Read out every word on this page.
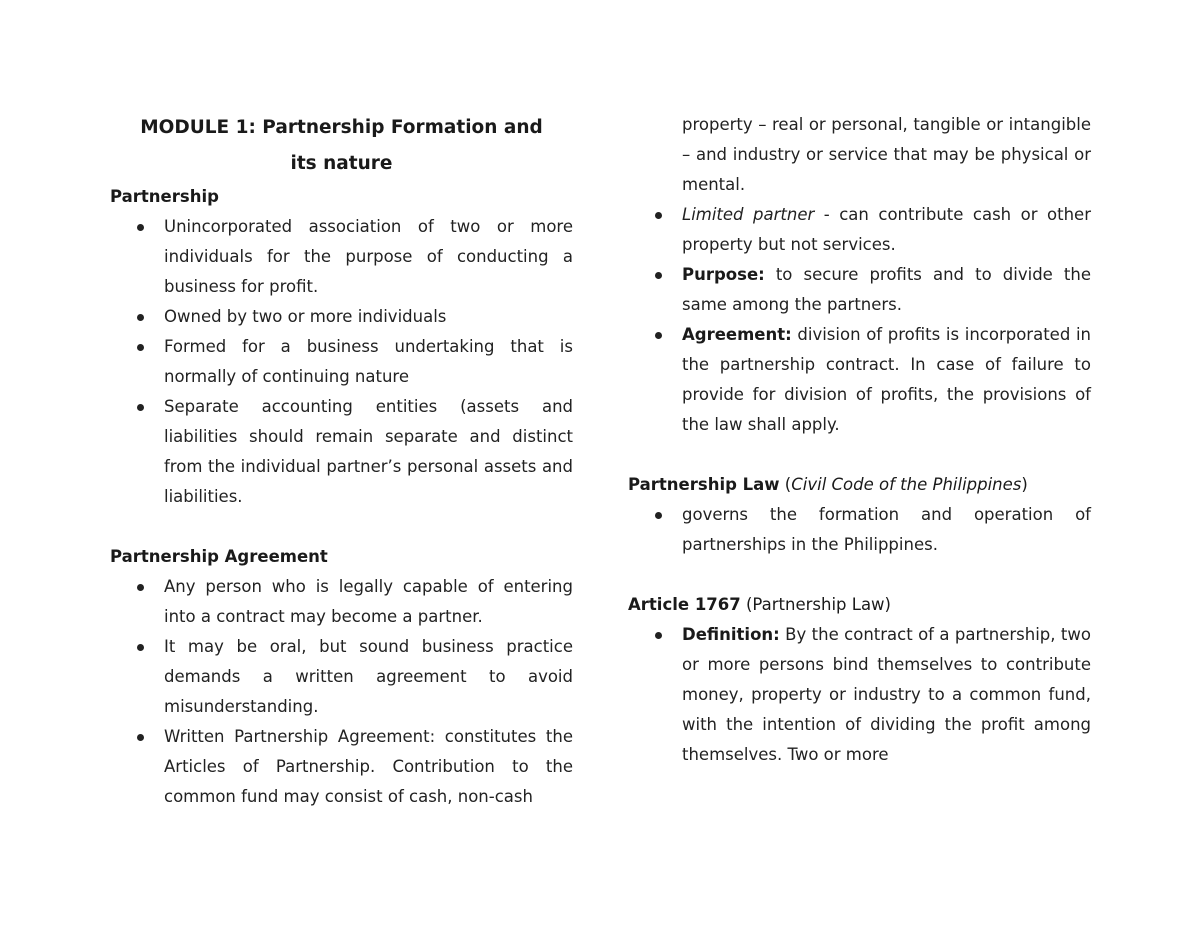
MODULE 1: Partnership Formation and
its nature

Partnership

Unincorporated association of two or more individuals for the purpose of conducting a business for profit.
Owned by two or more individuals
Formed for a business undertaking that is normally of continuing nature
Separate accounting entities (assets and liabilities should remain separate and distinct from the individual partner’s personal assets and liabilities.

Partnership Agreement

Any person who is legally capable of entering into a contract may become a partner.
It may be oral, but sound business practice demands a written agreement to avoid misunderstanding.
Written Partnership Agreement: constitutes the Articles of Partnership. Contribution to the common fund may consist of cash, non-cash

property – real or personal, tangible or intangible – and industry or service that may be physical or mental.

Limited partner - can contribute cash or other property but not services.
Purpose: to secure profits and to divide the same among the partners.
Agreement: division of profits is incorporated in the partnership contract. In case of failure to provide for division of profits, the provisions of the law shall apply.

Partnership Law (Civil Code of the Philippines)

governs the formation and operation of partnerships in the Philippines.

Article 1767 (Partnership Law)

Definition: By the contract of a partnership, two or more persons bind themselves to contribute money, property or industry to a common fund, with the intention of dividing the profit among themselves. Two or more
